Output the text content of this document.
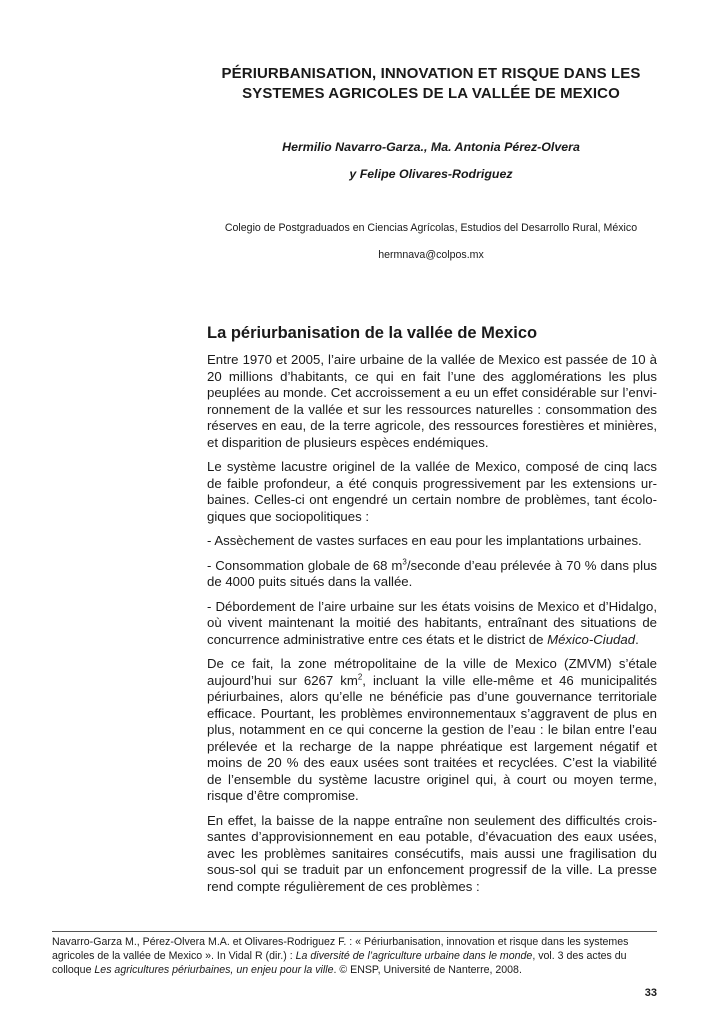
PÉRIURBANISATION, INNOVATION ET RISQUE DANS LES
SYSTEMES AGRICOLES DE LA VALLÉE DE MEXICO
Hermilio Navarro-Garza., Ma. Antonia Pérez-Olvera
y Felipe Olivares-Rodriguez
Colegio de Postgraduados en Ciencias Agrícolas, Estudios del Desarrollo Rural, México
hermnava@colpos.mx
La périurbanisation de la vallée de Mexico

Entre 1970 et 2005, l’aire urbaine de la vallée de Mexico est passée de 10 à 20 millions d’habitants, ce qui en fait l’une des agglomérations les plus peuplées au monde. Cet accroissement a eu un effet considérable sur l’environnement de la vallée et sur les ressources naturelles : consommation des réserves en eau, de la terre agricole, des ressources forestières et minières, et disparition de plusieurs espèces endémiques.

Le système lacustre originel de la vallée de Mexico, composé de cinq lacs de faible profondeur, a été conquis progressivement par les extensions urbaines. Celles-ci ont engendré un certain nombre de problèmes, tant écologiques que sociopolitiques :

- Assèchement de vastes surfaces en eau pour les implantations urbaines.

- Consommation globale de 68 $m^3$/seconde d’eau prélevée à 70 % dans plus de 4000 puits situés dans la vallée.

- Débordement de l’aire urbaine sur les états voisins de Mexico et d’Hidalgo, où vivent maintenant la moitié des habitants, entraînant des situations de concurrence administrative entre ces états et le district de México-Ciudad.

De ce fait, la zone métropolitaine de la ville de Mexico (ZMVM) s’étale aujourd’hui sur 6267 $km^2$, incluant la ville elle-même et 46 municipalités périurbaines, alors qu’elle ne bénéficie pas d’une gouvernance territoriale efficace. Pourtant, les problèmes environnementaux s’aggravent de plus en plus, notamment en ce qui concerne la gestion de l’eau : le bilan entre l’eau prélevée et la recharge de la nappe phréatique est largement négatif et moins de 20 % des eaux usées sont traitées et recyclées. C’est la viabilité de l’ensemble du système lacustre originel qui, à court ou moyen terme, risque d’être compromise.

En effet, la baisse de la nappe entraîne non seulement des difficultés croissantes d’approvisionnement en eau potable, d’évacuation des eaux usées, avec les problèmes sanitaires consécutifs, mais aussi une fragilisation du sous-sol qui se traduit par un enfoncement progressif de la ville. La presse rend compte régulièrement de ces problèmes :

Navarro-Garza M., Pérez-Olvera M.A. et Olivares-Rodriguez F. : « Périurbanisation, innovation et risque dans les systemes agricoles de la vallée de Mexico ». In Vidal R (dir.) : La diversité de l’agriculture urbaine dans le monde, vol. 3 des actes du colloque Les agricultures périurbaines, un enjeu pour la ville. © ENSP, Université de Nanterre, 2008.
33
